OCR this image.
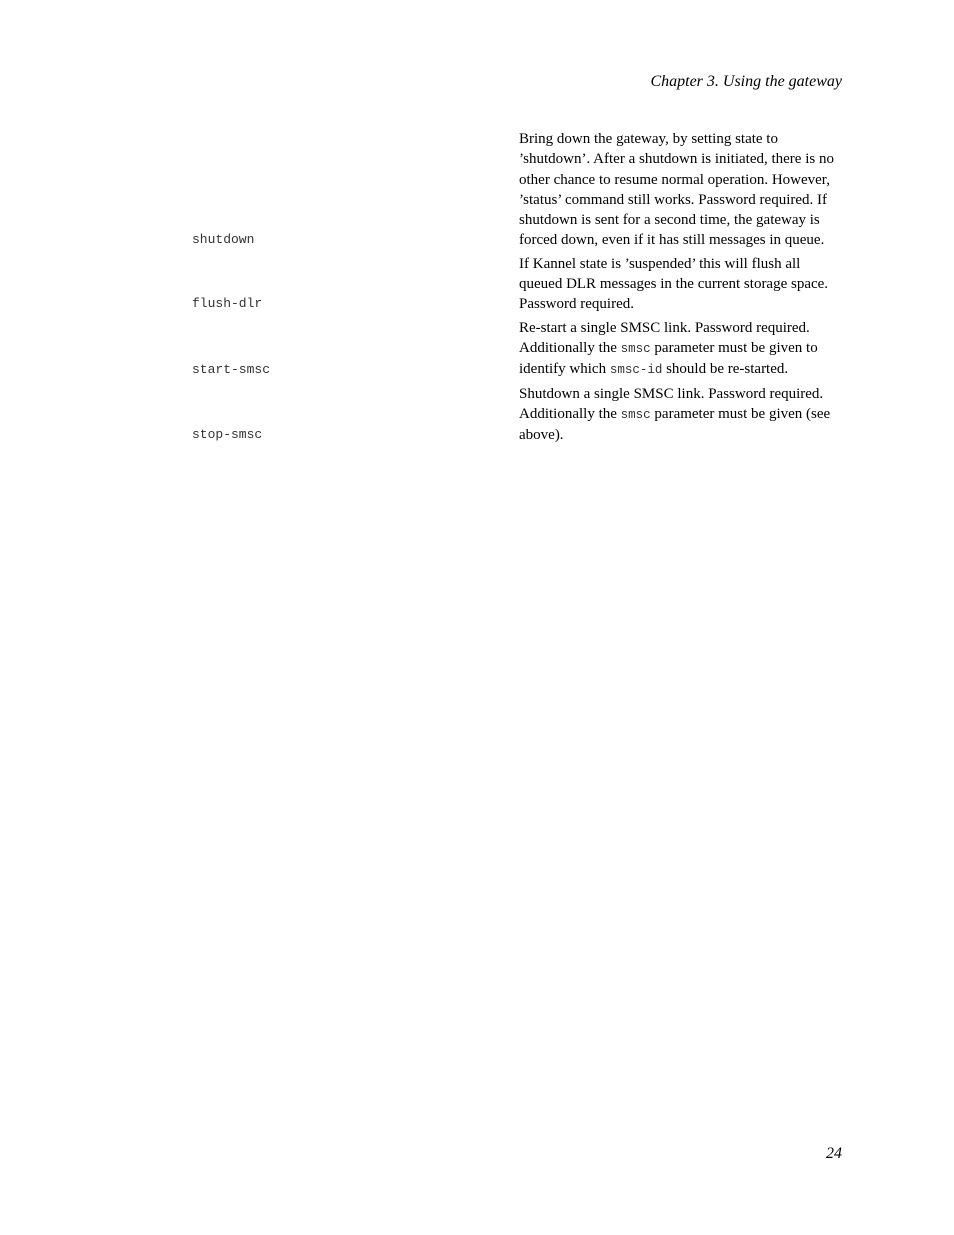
Chapter 3. Using the gateway
shutdown
Bring down the gateway, by setting state to ’shutdown’. After a shutdown is initiated, there is no other chance to resume normal operation. However, ’status’ command still works. Password required. If shutdown is sent for a second time, the gateway is forced down, even if it has still messages in queue.
flush-dlr
If Kannel state is ’suspended’ this will flush all queued DLR messages in the current storage space. Password required.
start-smsc
Re-start a single SMSC link. Password required. Additionally the smsc parameter must be given to identify which smsc-id should be re-started.
stop-smsc
Shutdown a single SMSC link. Password required. Additionally the smsc parameter must be given (see above).
24
